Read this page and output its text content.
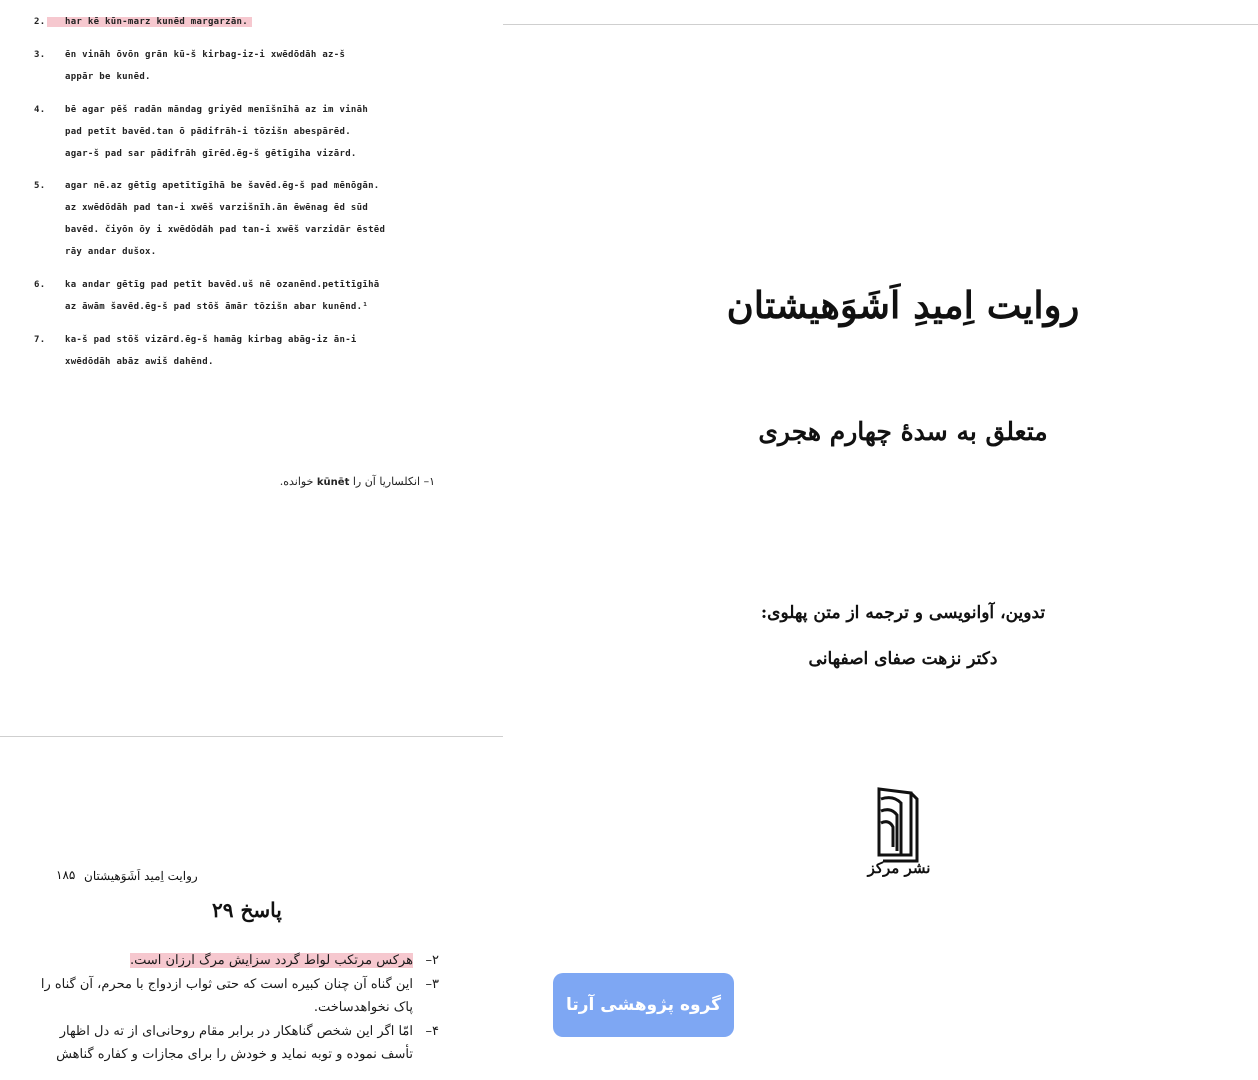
2.	har kē kūn-marz kunēd margarzān.
3. ēn vināh ōvōn grān kū-š kirbag-iz-i xwēdōdāh az-š
appār be kunēd.
4. bē agar pēš radān māndag griyēd menīšnīhā az im vināh
pad petīt bavēd.tan ō pādifrāh-i tōzišn abespārēd.
agar-š pad sar pādifrāh gīrēd.ēg-š gētīgīha vizārd.
5. agar nē.az gētīg apetītīgīhā be šavēd.ēg-š pad mēnōgān.
az xwēdōdāh pad tan-i xwēš varzišnīh.ān ēwēnag ēd sūd
bavēd. čiyōn ōy i xwēdōdāh pad tan-i xwēš varzidār ēstēd
rāy andar dušox.
6. ka andar gētīg pad petīt bavēd.uš nē ozanēnd.petītīgīhā
az āwām šavēd.ēg-š pad stōš āmār tōzišn abar kunēnd.¹
7. ka-š pad stōš vizārd.ēg-š hamāg kirbag abāg-iz ān-i
xwēdōdāh abāz awiš dahēnd.
۱– انکلساریا آن را kūnēt خوانده.
روایت اِمیدِ اَشَوَهیشتان
متعلق به سدهٔ چهارم هجری
تدوین، آوانویسی و ترجمه از متن پهلوی:
دکتر نزهت صفای اصفهانی
نشر مرکز
گروه پژوهشی آرتا
۱۸۵ روایت اِمید اَشَوَهیشتان
پاسخ ۲۹
۲–
هرکس مرتکب لواط گردد سزایش مرگ ارزان است.
۳–
این گناه آن چنان کبیره است که حتی ثواب ازدواج با محرم، آن گناه را
پاک نخواهدساخت.
۴–
امّا اگر این شخص گناهکار در برابر مقام روحانی‌ای از ته دل اظهار
تأسف نموده و توبه نماید و خودش را برای مجازات و کفاره گناهش
